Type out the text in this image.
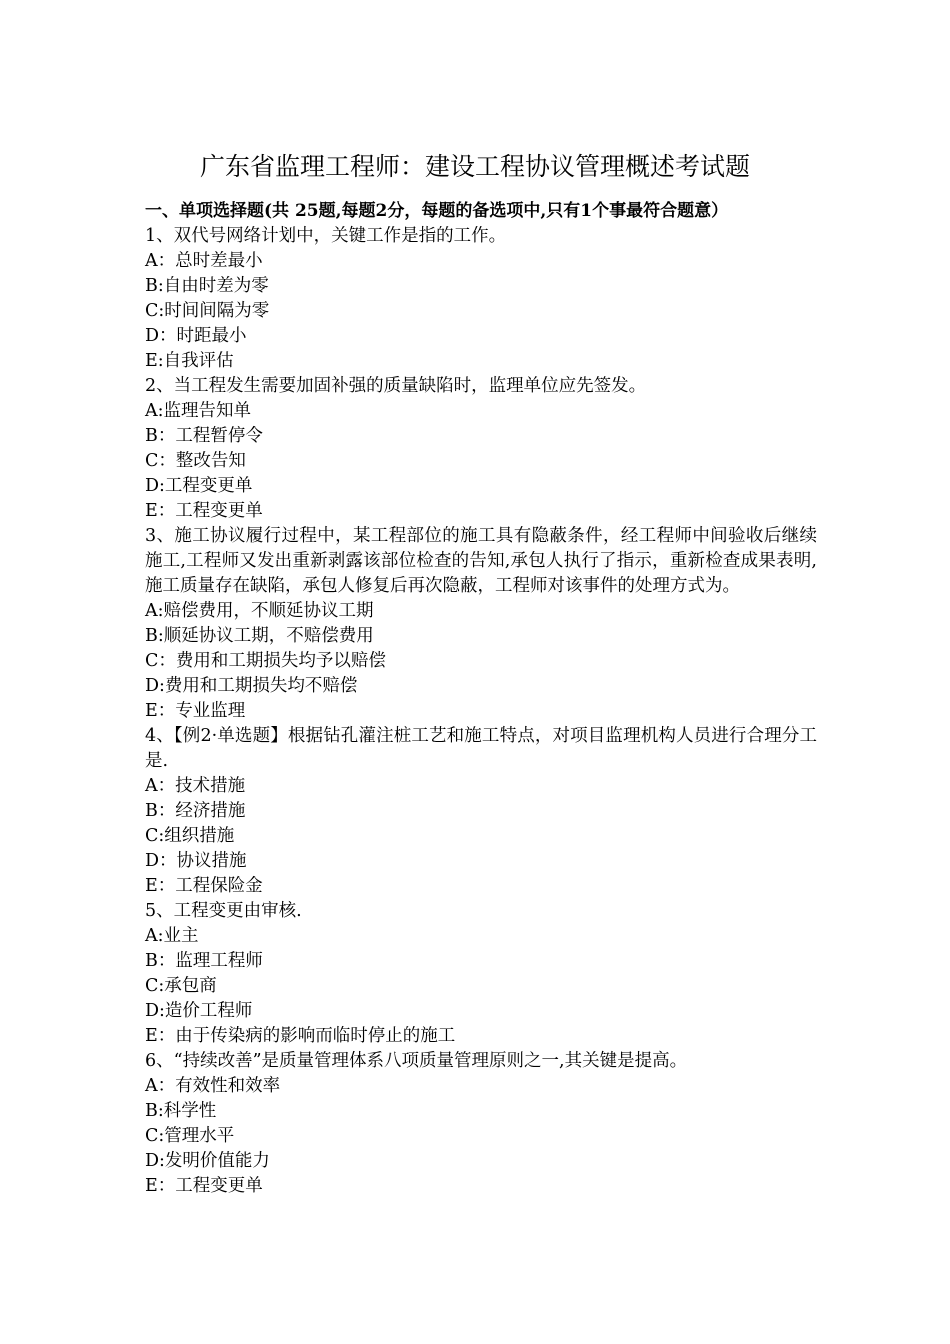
广东省监理工程师：建设工程协议管理概述考试题
一、单项选择题(共 25题,每题2分，每题的备选项中,只有1个事最符合题意）

1、双代号网络计划中，关键工作是指的工作。

A：总时差最小

B:自由时差为零

C:时间间隔为零

D：时距最小

E:自我评估

2、当工程发生需要加固补强的质量缺陷时，监理单位应先签发。

A:监理告知单

B：工程暂停令

C：整改告知

D:工程变更单

E：工程变更单

3、施工协议履行过程中，某工程部位的施工具有隐蔽条件，经工程师中间验收后继续施工,工程师又发出重新剥露该部位检查的告知,承包人执行了指示，重新检查成果表明,施工质量存在缺陷，承包人修复后再次隐蔽，工程师对该事件的处理方式为。

A:赔偿费用，不顺延协议工期

B:顺延协议工期，不赔偿费用

C：费用和工期损失均予以赔偿

D:费用和工期损失均不赔偿

E：专业监理

4、【例2·单选题】根据钻孔灌注桩工艺和施工特点，对项目监理机构人员进行合理分工是.

A：技术措施

B：经济措施

C:组织措施

D：协议措施

E：工程保险金

5、工程变更由审核.

A:业主

B：监理工程师

C:承包商

D:造价工程师

E：由于传染病的影响而临时停止的施工

6、“持续改善”是质量管理体系八项质量管理原则之一,其关键是提高。

A：有效性和效率

B:科学性

C:管理水平

D:发明价值能力

E：工程变更单
